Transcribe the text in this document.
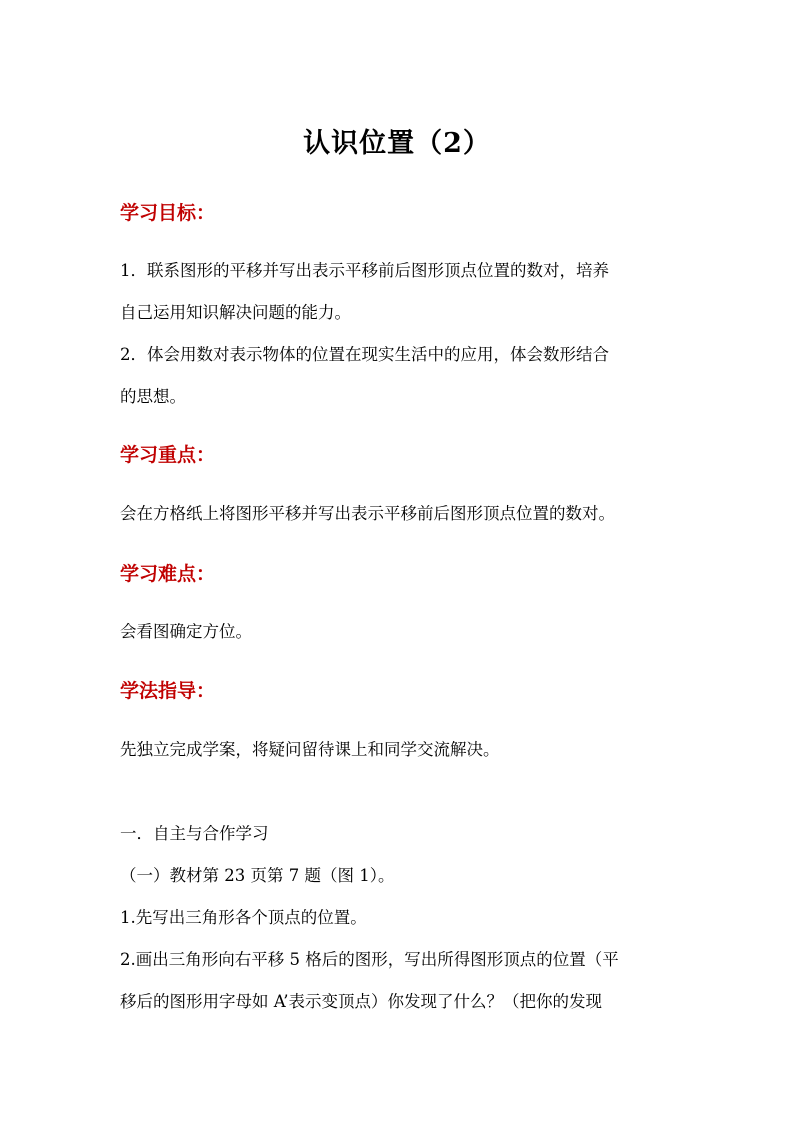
认识位置（2）
学习目标：
1．联系图形的平移并写出表示平移前后图形顶点位置的数对，培养
自己运用知识解决问题的能力。
2．体会用数对表示物体的位置在现实生活中的应用，体会数形结合
的思想。
学习重点：
会在方格纸上将图形平移并写出表示平移前后图形顶点位置的数对。
学习难点：
会看图确定方位。
学法指导：
先独立完成学案，将疑问留待课上和同学交流解决。
一．自主与合作学习
（一）教材第 23 页第 7 题（图 1）。
1.先写出三角形各个顶点的位置。
2.画出三角形向右平移 5 格后的图形，写出所得图形顶点的位置（平
移后的图形用字母如 A’表示变顶点）你发现了什么？（把你的发现
